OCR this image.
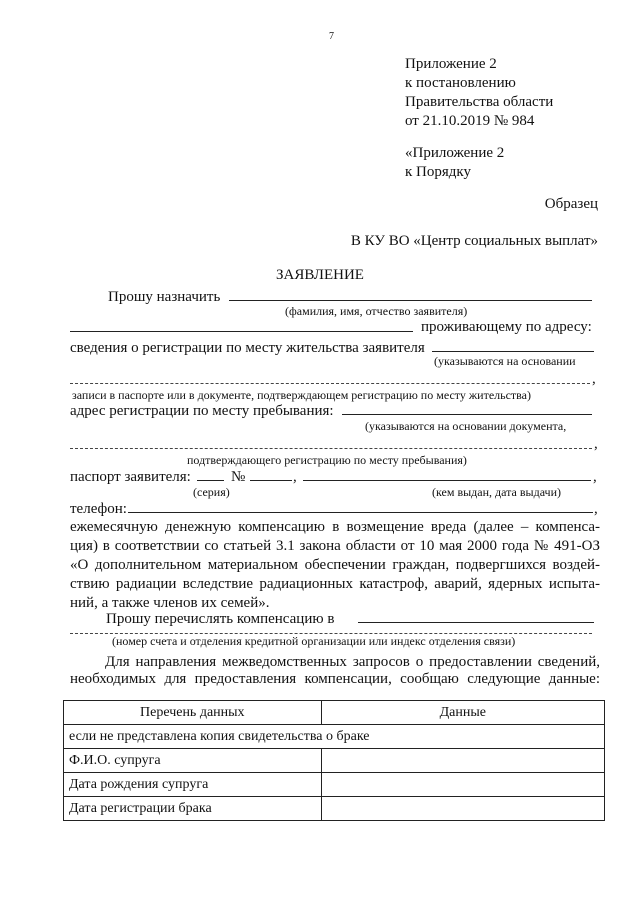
7
Приложение 2
к постановлению
Правительства области
от 21.10.2019 № 984
«Приложение 2
к Порядку
Образец
В КУ ВО «Центр социальных выплат»
ЗАЯВЛЕНИЕ
Прошу назначить
(фамилия, имя, отчество заявителя)
проживающему по адресу:
сведения о регистрации по месту жительства заявителя
(указываются на основании
,
записи в паспорте или в документе, подтверждающем регистрацию по месту жительства)
адрес регистрации по месту пребывания:
(указываются на основании документа,
,
подтверждающего регистрацию по месту пребывания)
паспорт заявителя:	№	,	,
(серия)	(кем выдан, дата выдачи)
телефон:	,
ежемесячную денежную компенсацию в возмещение вреда (далее – компенса-
ция) в соответствии со статьей 3.1 закона области от 10 мая 2000 года № 491-ОЗ
«О дополнительном материальном обеспечении граждан, подвергшихся воздей-
ствию радиации вследствие радиационных катастроф, аварий, ядерных испыта-
ний, а также членов их семей».
Прошу перечислять компенсацию в
(номер счета и отделения кредитной организации или индекс отделения связи)
Для направления межведомственных запросов о предоставлении сведений,
необходимых для предоставления компенсации, сообщаю следующие данные:
Перечень данных	Данные
если не представлена копия свидетельства о браке	
Ф.И.О. супруга	
Дата рождения супруга	
Дата регистрации брака	
